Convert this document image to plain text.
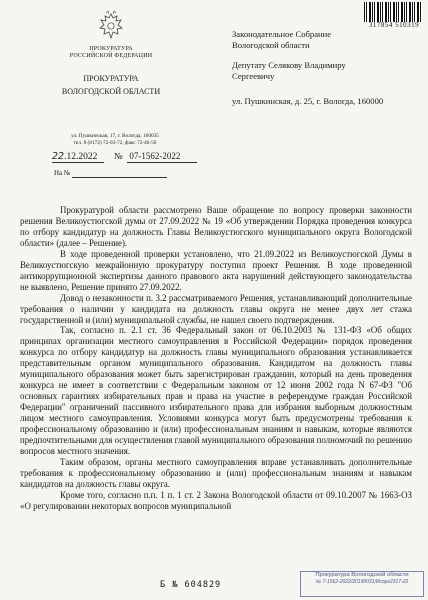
317854 510319
ПРОКУРАТУРА
РОССИЙСКОЙ ФЕДЕРАЦИИ
ПРОКУРАТУРА
ВОЛОГОДСКОЙ ОБЛАСТИ
ул. Пушкинская, 17, г. Вологда, 160035
тел. 8 (8172) 72-03-72, факс 72-46-50
22.12.2022 № 07-1562-2022
На №
Законодательное Собрание
Вологодской области
Депутату Селякову Владимиру
Сергеевичу
ул. Пушкинская, д. 25, г. Вологда, 160000

Прокуратурой области рассмотрено Ваше обращение по вопросу проверки законности решения Великоустюгской думы от 27.09.2022 № 19 «Об утверждении Порядка проведения конкурса по отбору кандидатур на должность Главы Великоустюгского муниципального округа Вологодской области» (далее – Решение).

В ходе проведенной проверки установлено, что 21.09.2022 из Великоустюгской Думы в Великоустюгскую межрайонную прокуратуру поступил проект Решения. В ходе проведенной антикоррупционной экспертизы данного правового акта нарушений действующего законодательства не выявлено, Решение принято 27.09.2022.

Довод о незаконности п. 3.2 рассматриваемого Решения, устанавливающий дополнительные требования о наличии у кандидата на должность главы округа не менее двух лет стажа государственной и (или) муниципальной службы, не нашел своего подтверждения.

Так, согласно п. 2.1 ст. 36 Федеральный закон от 06.10.2003 № 131-ФЗ «Об общих принципах организации местного самоуправления в Российской Федерации» порядок проведения конкурса по отбору кандидатур на должность главы муниципального образования устанавливается представительным органом муниципального образования. Кандидатом на должность главы муниципального образования может быть зарегистрирован гражданин, который на день проведения конкурса не имеет в соответствии с Федеральным законом от 12 июня 2002 года N 67-ФЗ "Об основных гарантиях избирательных прав и права на участие в референдуме граждан Российской Федерации" ограничений пассивного избирательного права для избрания выборным должностным лицом местного самоуправления. Условиями конкурса могут быть предусмотрены требования к профессиональному образованию и (или) профессиональным знаниям и навыкам, которые являются предпочтительными для осуществления главой муниципального образования полномочий по решению вопросов местного значения.

Таким образом, органы местного самоуправления вправе устанавливать дополнительные требования к профессиональному образованию и (или) профессиональным знаниям и навыкам кандидатов на должность главы округа.

Кроме того, согласно п.п. 1 п. 1 ст. 2 Закона Вологодской области от 09.10.2007 № 1663-ОЗ «О регулировании некоторых вопросов муниципальной

Б № 604829
Прокуратура Вологодской области
№ 7-1562-2022/20190031/Исорг2317-22
